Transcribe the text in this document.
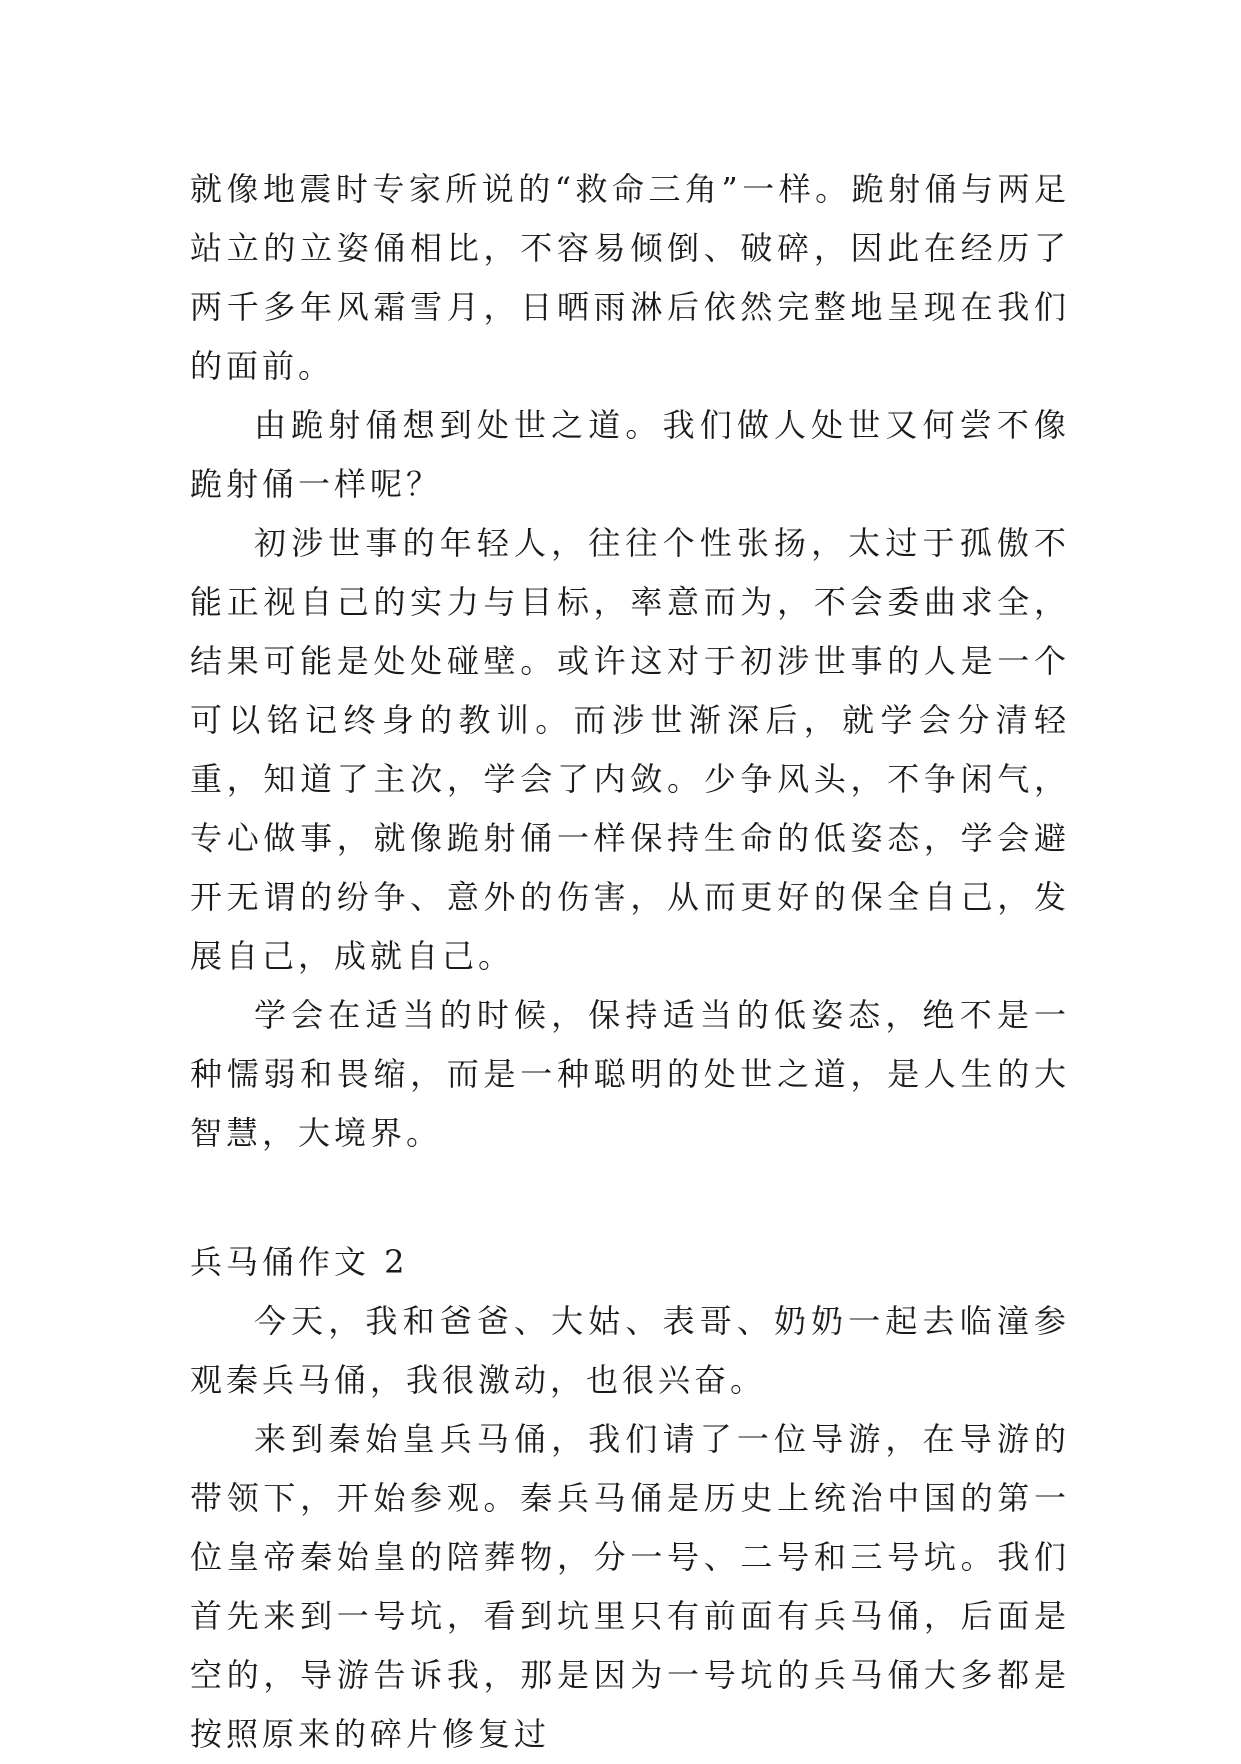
就像地震时专家所说的“救命三角”一样。跪射俑与两足站立的立姿俑相比，不容易倾倒、破碎，因此在经历了两千多年风霜雪月，日晒雨淋后依然完整地呈现在我们的面前。

由跪射俑想到处世之道。我们做人处世又何尝不像跪射俑一样呢？

初涉世事的年轻人，往往个性张扬，太过于孤傲不能正视自己的实力与目标，率意而为，不会委曲求全，结果可能是处处碰壁。或许这对于初涉世事的人是一个可以铭记终身的教训。而涉世渐深后，就学会分清轻重，知道了主次，学会了内敛。少争风头，不争闲气，专心做事，就像跪射俑一样保持生命的低姿态，学会避开无谓的纷争、意外的伤害，从而更好的保全自己，发展自己，成就自己。

学会在适当的时候，保持适当的低姿态，绝不是一种懦弱和畏缩，而是一种聪明的处世之道，是人生的大智慧，大境界。

兵马俑作文 2

今天，我和爸爸、大姑、表哥、奶奶一起去临潼参观秦兵马俑，我很激动，也很兴奋。

来到秦始皇兵马俑，我们请了一位导游，在导游的带领下，开始参观。秦兵马俑是历史上统治中国的第一位皇帝秦始皇的陪葬物，分一号、二号和三号坑。我们首先来到一号坑，看到坑里只有前面有兵马俑，后面是空的，导游告诉我，那是因为一号坑的兵马俑大多都是按照原来的碎片修复过
